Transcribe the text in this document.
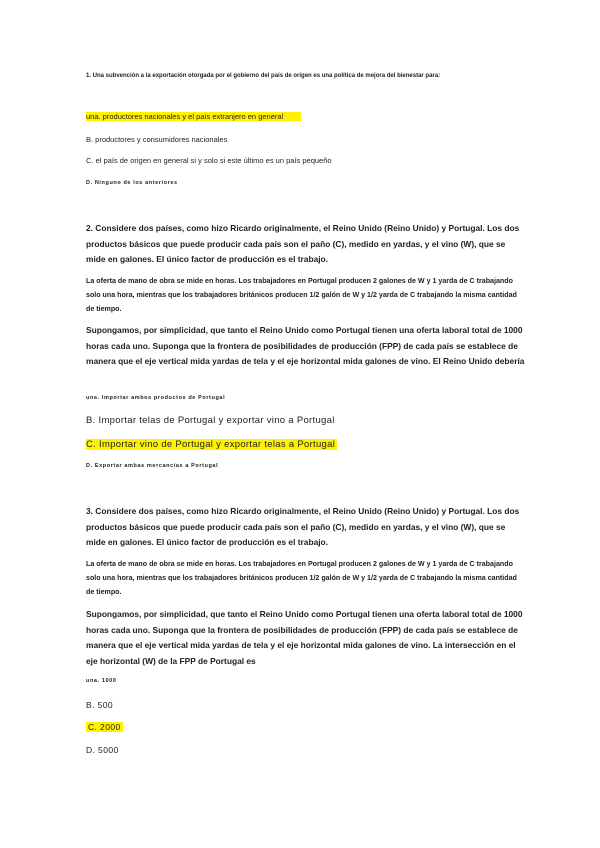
1. Una subvención a la exportación otorgada por el gobierno del país de origen es una política de mejora del bienestar para:

una. productores nacionales y el país extranjero en general

B. productores y consumidores nacionales

C. el país de origen en general si y solo si este último es un país pequeño

D. Ninguno de los anteriores

2. Considere dos países, como hizo Ricardo originalmente, el Reino Unido (Reino Unido) y Portugal. Los dos productos básicos que puede producir cada país son el paño (C), medido en yardas, y el vino (W), que se mide en galones. El único factor de producción es el trabajo.

La oferta de mano de obra se mide en horas. Los trabajadores en Portugal producen 2 galones de W y 1 yarda de C trabajando solo una hora, mientras que los trabajadores británicos producen 1/2 galón de W y 1/2 yarda de C trabajando la misma cantidad de tiempo.

Supongamos, por simplicidad, que tanto el Reino Unido como Portugal tienen una oferta laboral total de 1000 horas cada uno. Suponga que la frontera de posibilidades de producción (FPP) de cada país se establece de manera que el eje vertical mida yardas de tela y el eje horizontal mida galones de vino. El Reino Unido debería

una. Importar ambos productos de Portugal

B. Importar telas de Portugal y exportar vino a Portugal

C. Importar vino de Portugal y exportar telas a Portugal

D. Exportar ambas mercancías a Portugal

3. Considere dos países, como hizo Ricardo originalmente, el Reino Unido (Reino Unido) y Portugal. Los dos productos básicos que puede producir cada país son el paño (C), medido en yardas, y el vino (W), que se mide en galones. El único factor de producción es el trabajo.

La oferta de mano de obra se mide en horas. Los trabajadores en Portugal producen 2 galones de W y 1 yarda de C trabajando solo una hora, mientras que los trabajadores británicos producen 1/2 galón de W y 1/2 yarda de C trabajando la misma cantidad de tiempo.

Supongamos, por simplicidad, que tanto el Reino Unido como Portugal tienen una oferta laboral total de 1000 horas cada uno. Suponga que la frontera de posibilidades de producción (FPP) de cada país se establece de manera que el eje vertical mida yardas de tela y el eje horizontal mida galones de vino. La intersección en el eje horizontal (W) de la FPP de Portugal es

una. 1000

B. 500

C. 2000

D. 5000
